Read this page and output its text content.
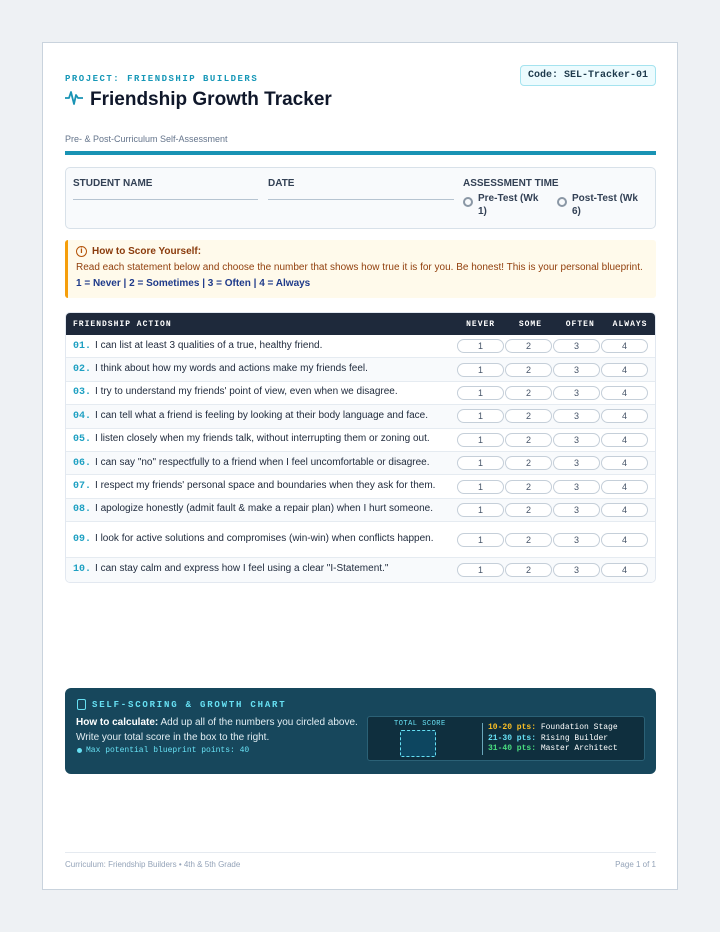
Code: SEL-Tracker-01
PROJECT: FRIENDSHIP BUILDERS
Friendship Growth Tracker
Pre- & Post-Curriculum Self-Assessment
STUDENT NAME	DATE	ASSESSMENT TIME
Pre-Test (Wk 1)
Post-Test (Wk 6)
i How to Score Yourself:
Read each statement below and choose the number that shows how true it is for you. Be honest! This is your personal blueprint. 1 = Never | 2 = Sometimes | 3 = Often | 4 = Always
FRIENDSHIP ACTION	NEVER	SOME	OFTEN	ALWAYS
01. I can list at least 3 qualities of a true, healthy friend.	1	2	3	4
02. I think about how my words and actions make my friends feel.	1	2	3	4
03. I try to understand my friends' point of view, even when we disagree.	1	2	3	4
04. I can tell what a friend is feeling by looking at their body language and face.	1	2	3	4
05. I listen closely when my friends talk, without interrupting them or zoning out.	1	2	3	4
06. I can say "no" respectfully to a friend when I feel uncomfortable or disagree.	1	2	3	4
07. I respect my friends' personal space and boundaries when they ask for them.	1	2	3	4
08. I apologize honestly (admit fault & make a repair plan) when I hurt someone.	1	2	3	4
09. I look for active solutions and compromises (win-win) when conflicts happen.	1	2	3	4
10. I can stay calm and express how I feel using a clear "I-Statement."	1	2	3	4
SELF-SCORING & GROWTH CHART
How to calculate: Add up all of the numbers you circled above. Write your total score in the box to the right.
Max potential blueprint points: 40
TOTAL SCORE	10-20 pts: Foundation Stage
21-30 pts: Rising Builder
31-40 pts: Master Architect
Curriculum: Friendship Builders • 4th & 5th Grade	Page 1 of 1
